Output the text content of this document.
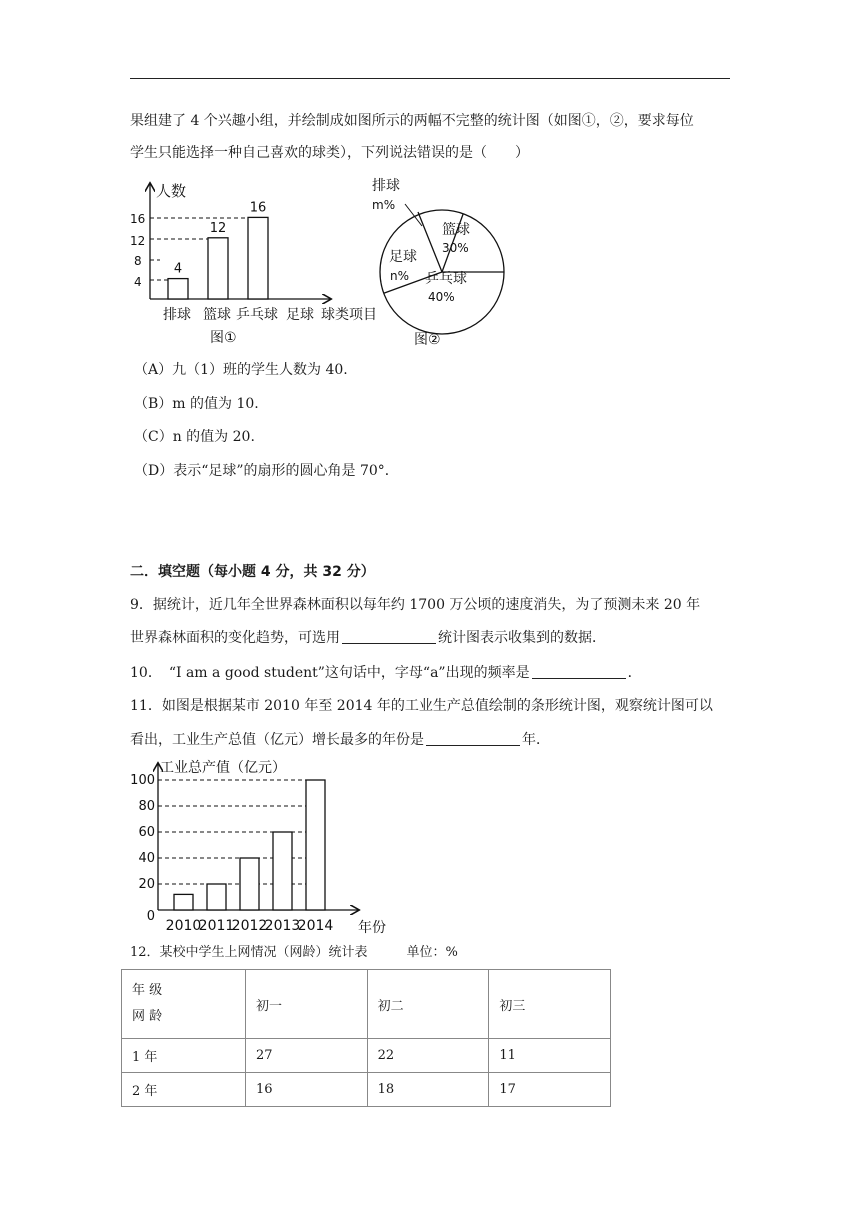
果组建了 4 个兴趣小组，并绘制成如图所示的两幅不完整的统计图（如图①，②，要求每位
学生只能选择一种自己喜欢的球类），下列说法错误的是（　　）
人数
16
12
8
4
4
12
16
排球 篮球 乒乓球 足球 球类项目
图①
排球
m%
篮球
30%
足球
n% 乒乓球
40%
图②
（A）九（1）班的学生人数为 40.
（B）m 的值为 10.
（C）n 的值为 20.
（D）表示“足球”的扇形的圆心角是 70°．
二．填空题（每小题 4 分，共 32 分）
9．据统计，近几年全世界森林面积以每年约 1700 万公顷的速度消失，为了预测未来 20 年
世界森林面积的变化趋势，可选用	统计图表示收集到的数据．
10．　“I am a good student”这句话中，字母“a”出现的频率是	．
11．如图是根据某市 2010 年至 2014 年的工业生产总值绘制的条形统计图，观察统计图可以
看出，工业生产总值（亿元）增长最多的年份是	年．
工业总产值（亿元）
0
20
40
60
80
100
2010
2011
2012
2013
2014 年份
12．某校中学生上网情况（网龄）统计表　　　单位：%
年 级
网 龄	初一	初二	初三
1 年	27	22	11
2 年	16	18	17
